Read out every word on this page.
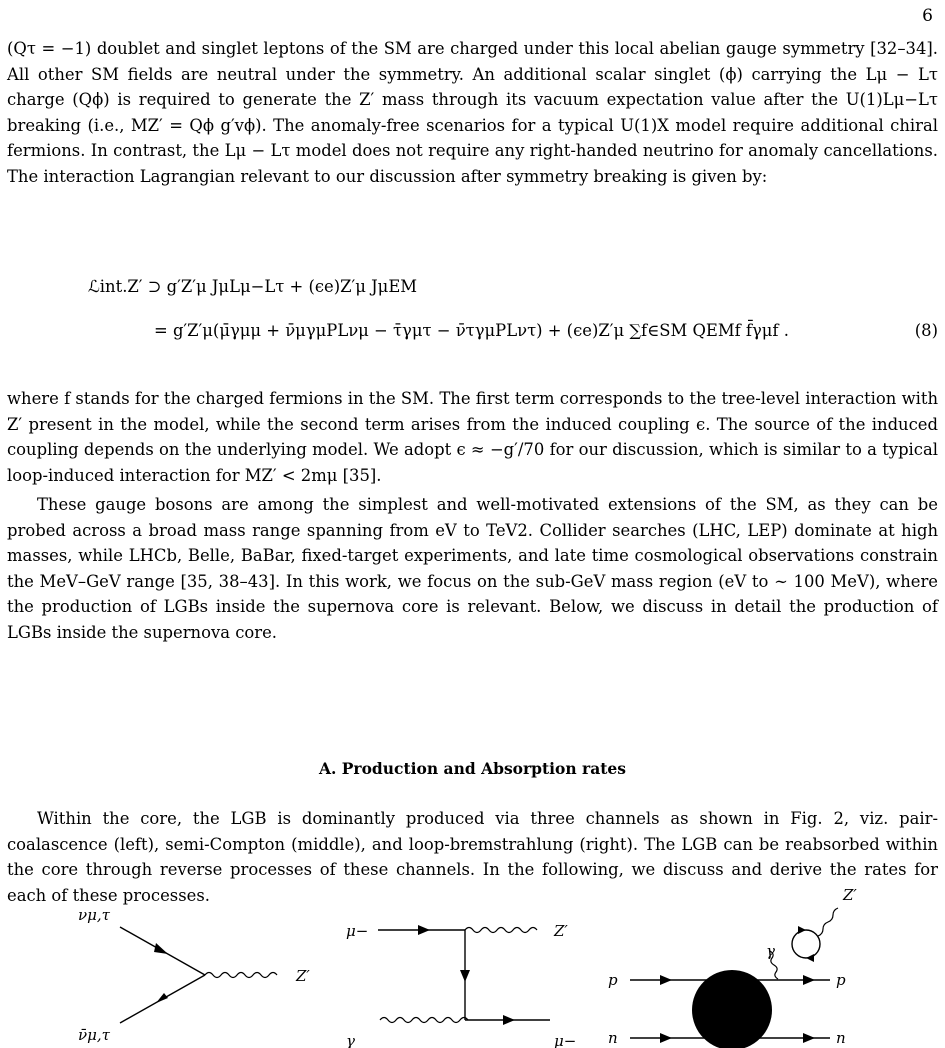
6

(Qτ = −1) doublet and singlet leptons of the SM are charged under this local abelian gauge symmetry [32–34]. All other SM fields are neutral under the symmetry. An additional scalar singlet (ϕ) carrying the Lμ − Lτ charge (Qϕ) is required to generate the Z′ mass through its vacuum expectation value after the U(1)Lμ−Lτ breaking (i.e., MZ′ = Qϕ g′vϕ). The anomaly-free scenarios for a typical U(1)X model require additional chiral fermions. In contrast, the Lμ − Lτ model does not require any right-handed neutrino for anomaly cancellations. The interaction Lagrangian relevant to our discussion after symmetry breaking is given by:

ℒint.Z′ ⊃ g′Z′μ JμLμ−Lτ + (ϵe)Z′μ JμEM
= g′Z′μ(μ̄γμμ + ν̄μγμPLνμ − τ̄γμτ − ν̄τγμPLντ) + (ϵe)Z′μ ∑f∈SM QEMf f̄γμf .	(8)

where f stands for the charged fermions in the SM. The first term corresponds to the tree-level interaction with Z′ present in the model, while the second term arises from the induced coupling ϵ. The source of the induced coupling depends on the underlying model. We adopt ϵ ≈ −g′/70 for our discussion, which is similar to a typical loop-induced interaction for MZ′ < 2mμ [35].

These gauge bosons are among the simplest and well-motivated extensions of the SM, as they can be probed across a broad mass range spanning from eV to TeV2. Collider searches (LHC, LEP) dominate at high masses, while LHCb, Belle, BaBar, fixed-target experiments, and late time cosmological observations constrain the MeV–GeV range [35, 38–43]. In this work, we focus on the sub-GeV mass region (eV to ∼ 100 MeV), where the production of LGBs inside the supernova core is relevant. Below, we discuss in detail the production of LGBs inside the supernova core.

A. Production and Absorption rates

Within the core, the LGB is dominantly produced via three channels as shown in Fig. 2, viz. pair-coalascence (left), semi-Compton (middle), and loop-bremstrahlung (right). The LGB can be reabsorbed within the core through reverse processes of these channels. In the following, we discuss and derive the rates for each of these processes.

νμ,τ
ν̄μ,τ
Z′
μ−	Z′
γ	μ−
Z′
γ
p	p
n	n
